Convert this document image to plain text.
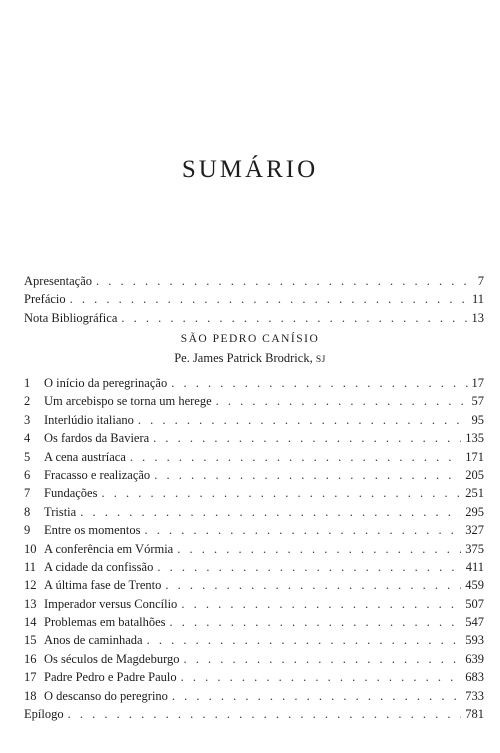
SUMÁRIO
Apresentação . . .	7
Prefácio . . .	11
Nota Bibliográfica . . .	13

SÃO PEDRO CANÍSIO

Pe. James Patrick Brodrick, SJ

1	O início da peregrinação . . .	17
2	Um arcebispo se torna um herege . . .	57
3	Interlúdio italiano . . .	95
4	Os fardos da Baviera . . .	135
5	A cena austríaca . . .	171
6	Fracasso e realização . . .	205
7	Fundações . . .	251
8	Tristia . . .	295
9	Entre os momentos . . .	327
10 A conferência em Vórmia . . .	375
11 A cidade da confissão . . .	411
12 A última fase de Trento . . .	459
13 Imperador versus Concílio . . .	507
14 Problemas em batalhões . . .	547
15 Anos de caminhada . . .	593
16 Os séculos de Magdeburgo . . .	639
17 Padre Pedro e Padre Paulo . . .	683
18 O descanso do peregrino . . .	733
Epílogo . . .	781
